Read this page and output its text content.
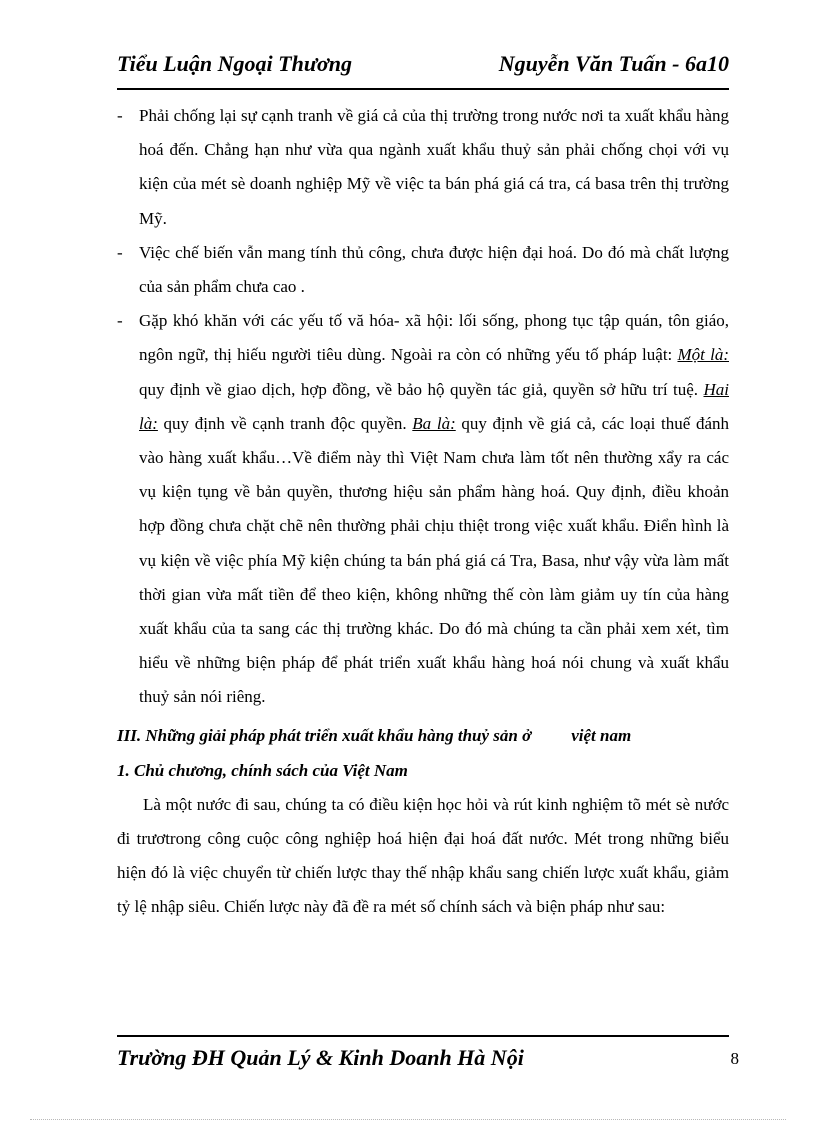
Tiểu Luận Ngoại Thương	Nguyễn Văn Tuấn - 6a10
- Phải chống lại sự cạnh tranh về giá cả của thị trường trong nước nơi ta xuất khẩu hàng hoá đến. Chẳng hạn như vừa qua ngành xuất khẩu thuỷ sản phải chống chọi với vụ kiện của mét sè doanh nghiệp Mỹ về việc ta bán phá giá cá tra, cá basa trên thị trường Mỹ.
- Việc chế biến vẫn mang tính thủ công, chưa được hiện đại hoá. Do đó mà chất lượng của sản phẩm chưa cao .
- Gặp khó khăn với các yếu tố vă hóa- xã hội: lối sống, phong tục tập quán, tôn giáo, ngôn ngữ, thị hiếu người tiêu dùng. Ngoài ra còn có những yếu tố pháp luật: Một là: quy định về giao dịch, hợp đồng, về bảo hộ quyền tác giả, quyền sở hữu trí tuệ. Hai là: quy định về cạnh tranh độc quyền. Ba là: quy định về giá cả, các loại thuế đánh vào hàng xuất khẩu…Về điểm này thì Việt Nam chưa làm tốt nên thường xẩy ra các vụ kiện tụng về bản quyền, thương hiệu sản phẩm hàng hoá. Quy định, điều khoản hợp đồng chưa chặt chẽ nên thường phải chịu thiệt trong việc xuất khẩu. Điển hình là vụ kiện về việc phía Mỹ kiện chúng ta bán phá giá cá Tra, Basa, như vậy vừa làm mất thời gian vừa mất tiền để theo kiện, không những thế còn làm giảm uy tín của hàng xuất khẩu của ta sang các thị trường khác. Do đó mà chúng ta cần phải xem xét, tìm hiểu về những biện pháp để phát triển xuất khẩu hàng hoá nói chung và xuất khẩu thuỷ sản nói riêng.
III. Những giải pháp phát triển xuất khẩu hàng thuỷ sản ở việt nam
1. Chủ chương, chính sách của Việt Nam
Là một nước đi sau, chúng ta có điều kiện học hỏi và rút kinh nghiệm tõ mét sè nước đi trươtrong công cuộc công nghiệp hoá hiện đại hoá đất nước. Mét trong những biểu hiện đó là việc chuyển từ chiến lược thay thế nhập khẩu sang chiến lược xuất khẩu, giảm tỷ lệ nhập siêu. Chiến lược này đã đề ra mét số chính sách và biện pháp như sau:
Trường ĐH Quản Lý & Kinh Doanh Hà Nội	8
